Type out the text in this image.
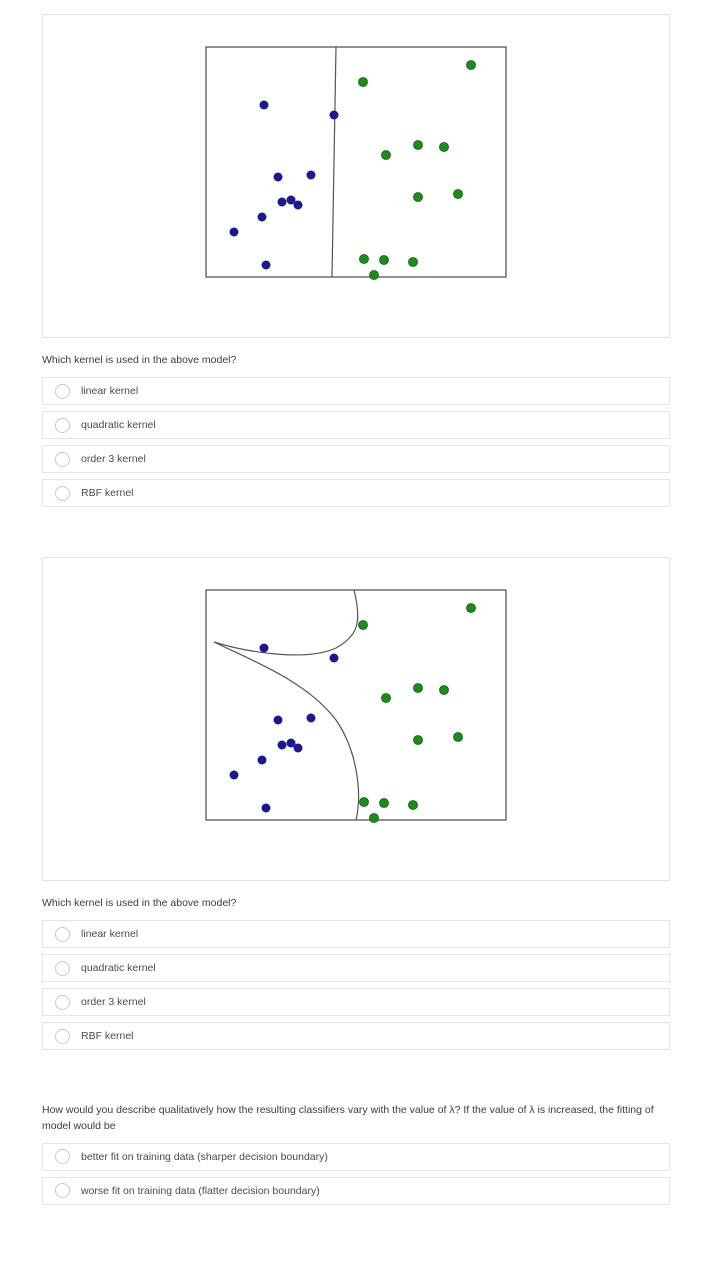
Which kernel is used in the above model?
linear kernel
quadratic kernel
order 3 kernel
RBF kernel
Which kernel is used in the above model?
linear kernel
quadratic kernel
order 3 kernel
RBF kernel
How would you describe qualitatively how the resulting classifiers vary with the value of λ? If the value of λ is increased, the fitting of model would be
better fit on training data (sharper decision boundary)
worse fit on training data (flatter decision boundary)
